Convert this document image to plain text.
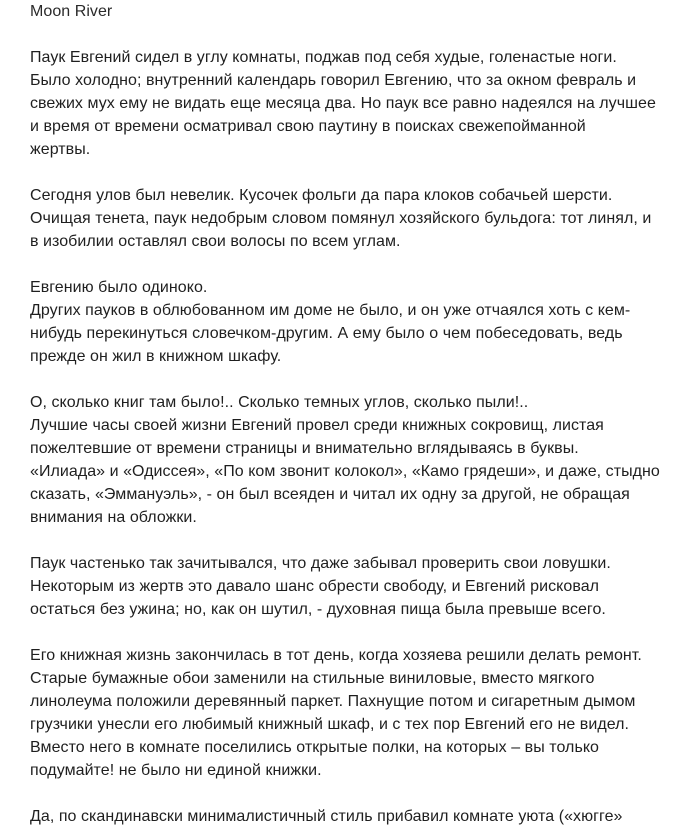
Moon River
Паук Евгений сидел в углу комнаты, поджав под себя худые, голенастые ноги.
Было холодно; внутренний календарь говорил Евгению, что за окном февраль и
свежих мух ему не видать еще месяца два. Но паук все равно надеялся на лучшее
и время от времени осматривал свою паутину в поисках свежепойманной
жертвы.
Сегодня улов был невелик. Кусочек фольги да пара клоков собачьей шерсти.
Очищая тенета, паук недобрым словом помянул хозяйского бульдога: тот линял, и
в изобилии оставлял свои волосы по всем углам.
Евгению было одиноко.
Других пауков в облюбованном им доме не было, и он уже отчаялся хоть с кем-
нибудь перекинуться словечком-другим. А ему было о чем побеседовать, ведь
прежде он жил в книжном шкафу.
О, сколько книг там было!.. Сколько темных углов, сколько пыли!..
Лучшие часы своей жизни Евгений провел среди книжных сокровищ, листая
пожелтевшие от времени страницы и внимательно вглядываясь в буквы.
«Илиада» и «Одиссея», «По ком звонит колокол», «Камо грядеши», и даже, стыдно
сказать, «Эммануэль», - он был всеяден и читал их одну за другой, не обращая
внимания на обложки.
Паук частенько так зачитывался, что даже забывал проверить свои ловушки.
Некоторым из жертв это давало шанс обрести свободу, и Евгений рисковал
остаться без ужина; но, как он шутил, - духовная пища была превыше всего.
Его книжная жизнь закончилась в тот день, когда хозяева решили делать ремонт.
Старые бумажные обои заменили на стильные виниловые, вместо мягкого
линолеума положили деревянный паркет. Пахнущие потом и сигаретным дымом
грузчики унесли его любимый книжный шкаф, и с тех пор Евгений его не видел.
Вместо него в комнате поселились открытые полки, на которых – вы только
подумайте! не было ни единой книжки.
Да, по скандинавски минималистичный стиль прибавил комнате уюта («хюгге»
